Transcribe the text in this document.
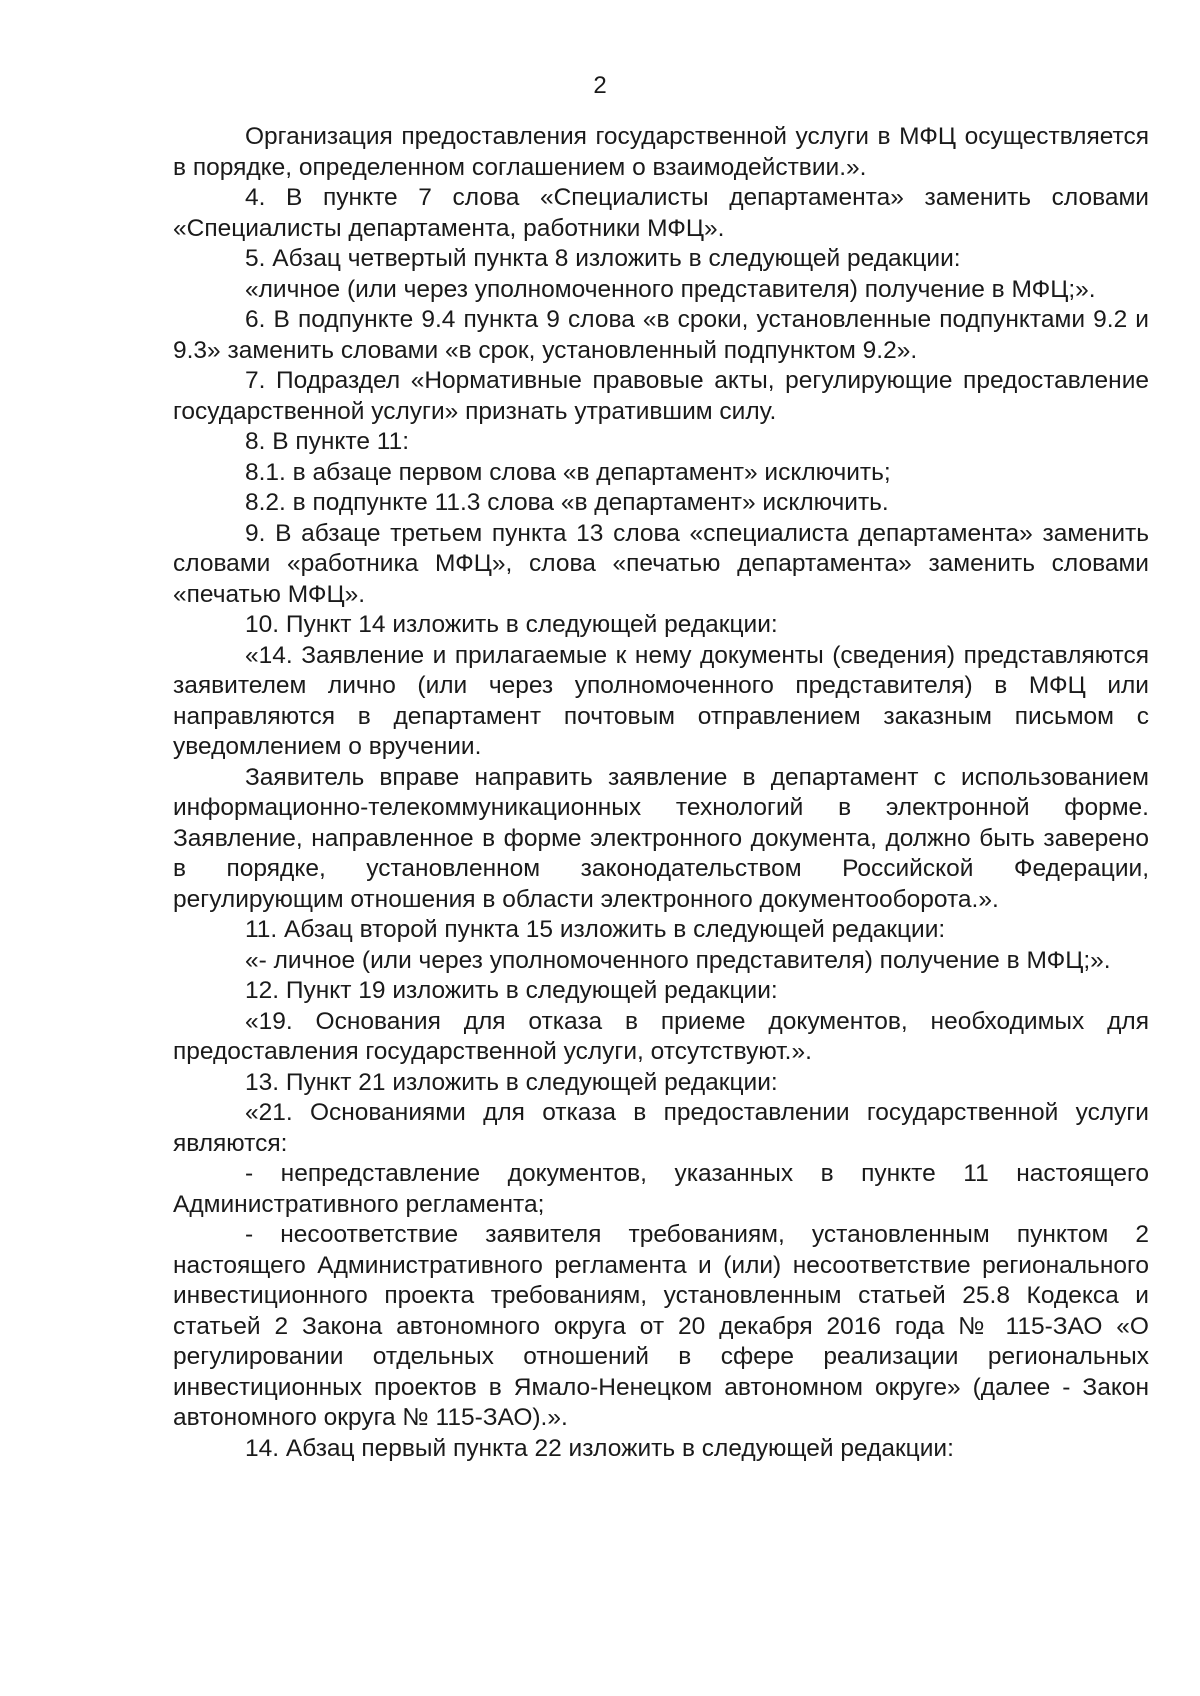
2

Организация предоставления государственной услуги в МФЦ осуществляется в порядке, определенном соглашением о взаимодействии.».

4. В пункте 7 слова «Специалисты департамента» заменить словами «Специалисты департамента, работники МФЦ».

5. Абзац четвертый пункта 8 изложить в следующей редакции:

«личное (или через уполномоченного представителя) получение в МФЦ;».

6. В подпункте 9.4 пункта 9 слова «в сроки, установленные подпунктами 9.2 и 9.3» заменить словами «в срок, установленный подпунктом 9.2».

7. Подраздел «Нормативные правовые акты, регулирующие предоставление государственной услуги» признать утратившим силу.

8. В пункте 11:

8.1. в абзаце первом слова «в департамент» исключить;

8.2. в подпункте 11.3 слова «в департамент» исключить.

9. В абзаце третьем пункта 13 слова «специалиста департамента» заменить словами «работника МФЦ», слова «печатью департамента» заменить словами «печатью МФЦ».

10. Пункт 14 изложить в следующей редакции:

«14. Заявление и прилагаемые к нему документы (сведения) представляются заявителем лично (или через уполномоченного представителя) в МФЦ или направляются в департамент почтовым отправлением заказным письмом с уведомлением о вручении.

Заявитель вправе направить заявление в департамент с использованием информационно-телекоммуникационных технологий в электронной форме. Заявление, направленное в форме электронного документа, должно быть заверено в порядке, установленном законодательством Российской Федерации, регулирующим отношения в области электронного документооборота.».

11. Абзац второй пункта 15 изложить в следующей редакции:

«- личное (или через уполномоченного представителя) получение в МФЦ;».

12. Пункт 19 изложить в следующей редакции:

«19. Основания для отказа в приеме документов, необходимых для предоставления государственной услуги, отсутствуют.».

13. Пункт 21 изложить в следующей редакции:

«21. Основаниями для отказа в предоставлении государственной услуги являются:

- непредставление документов, указанных в пункте 11 настоящего Административного регламента;

- несоответствие заявителя требованиям, установленным пунктом 2 настоящего Административного регламента и (или) несоответствие регионального инвестиционного проекта требованиям, установленным статьей 25.8 Кодекса и статьей 2 Закона автономного округа от 20 декабря 2016 года № 115-ЗАО «О регулировании отдельных отношений в сфере реализации региональных инвестиционных проектов в Ямало-Ненецком автономном округе» (далее - Закон автономного округа № 115-ЗАО).».

14. Абзац первый пункта 22 изложить в следующей редакции:
